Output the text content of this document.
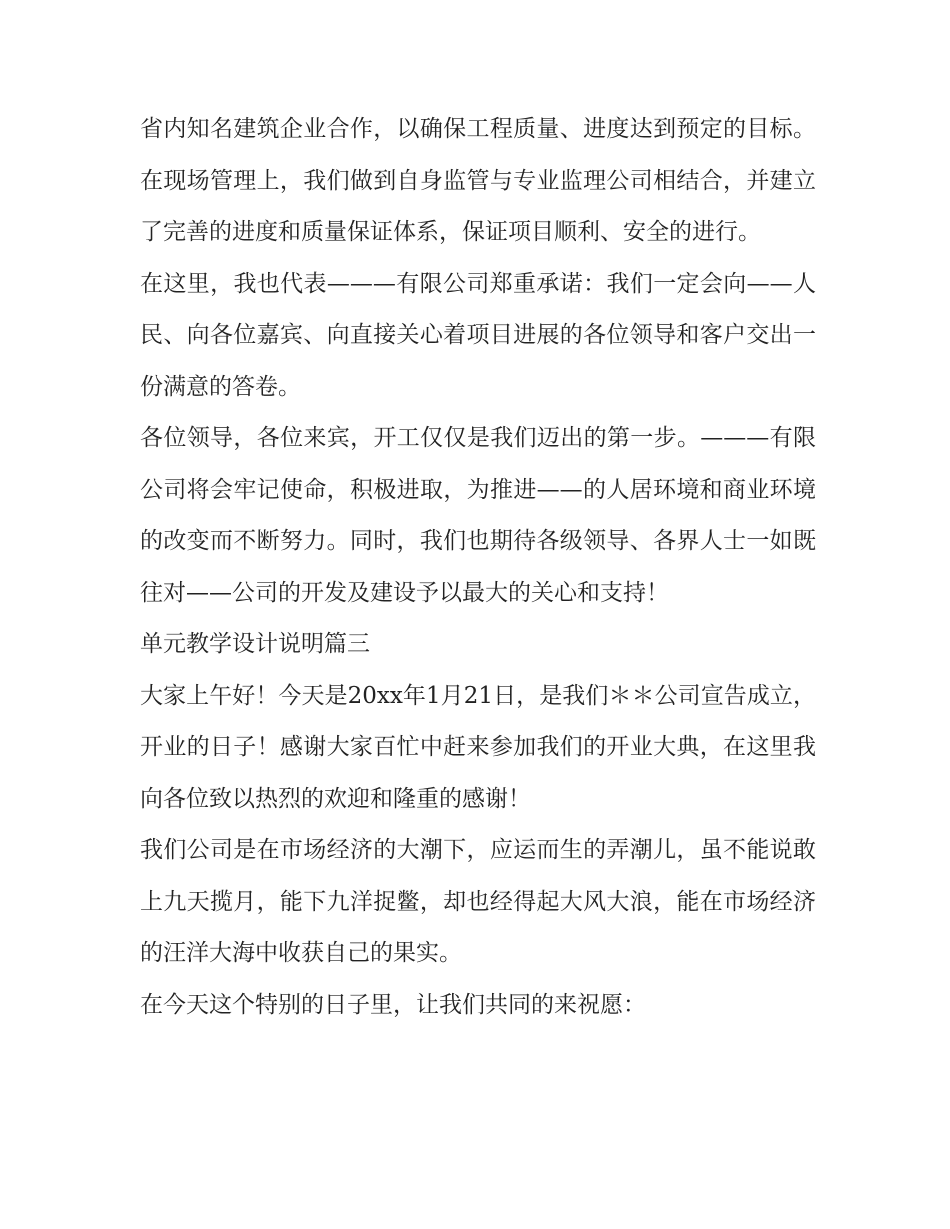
省内知名建筑企业合作，以确保工程质量、进度达到预定的目标。在现场管理上，我们做到自身监管与专业监理公司相结合，并建立了完善的进度和质量保证体系，保证项目顺利、安全的进行。

在这里，我也代表———有限公司郑重承诺：我们一定会向——人民、向各位嘉宾、向直接关心着项目进展的各位领导和客户交出一份满意的答卷。

各位领导，各位来宾，开工仅仅是我们迈出的第一步。———有限公司将会牢记使命，积极进取，为推进——的人居环境和商业环境的改变而不断努力。同时，我们也期待各级领导、各界人士一如既往对——公司的开发及建设予以最大的关心和支持！

单元教学设计说明篇三

大家上午好！今天是20xx年1月21日，是我们＊＊公司宣告成立，开业的日子！感谢大家百忙中赶来参加我们的开业大典，在这里我向各位致以热烈的欢迎和隆重的感谢！

我们公司是在市场经济的大潮下，应运而生的弄潮儿，虽不能说敢上九天揽月，能下九洋捉鳖，却也经得起大风大浪，能在市场经济的汪洋大海中收获自己的果实。

在今天这个特别的日子里，让我们共同的来祝愿：
